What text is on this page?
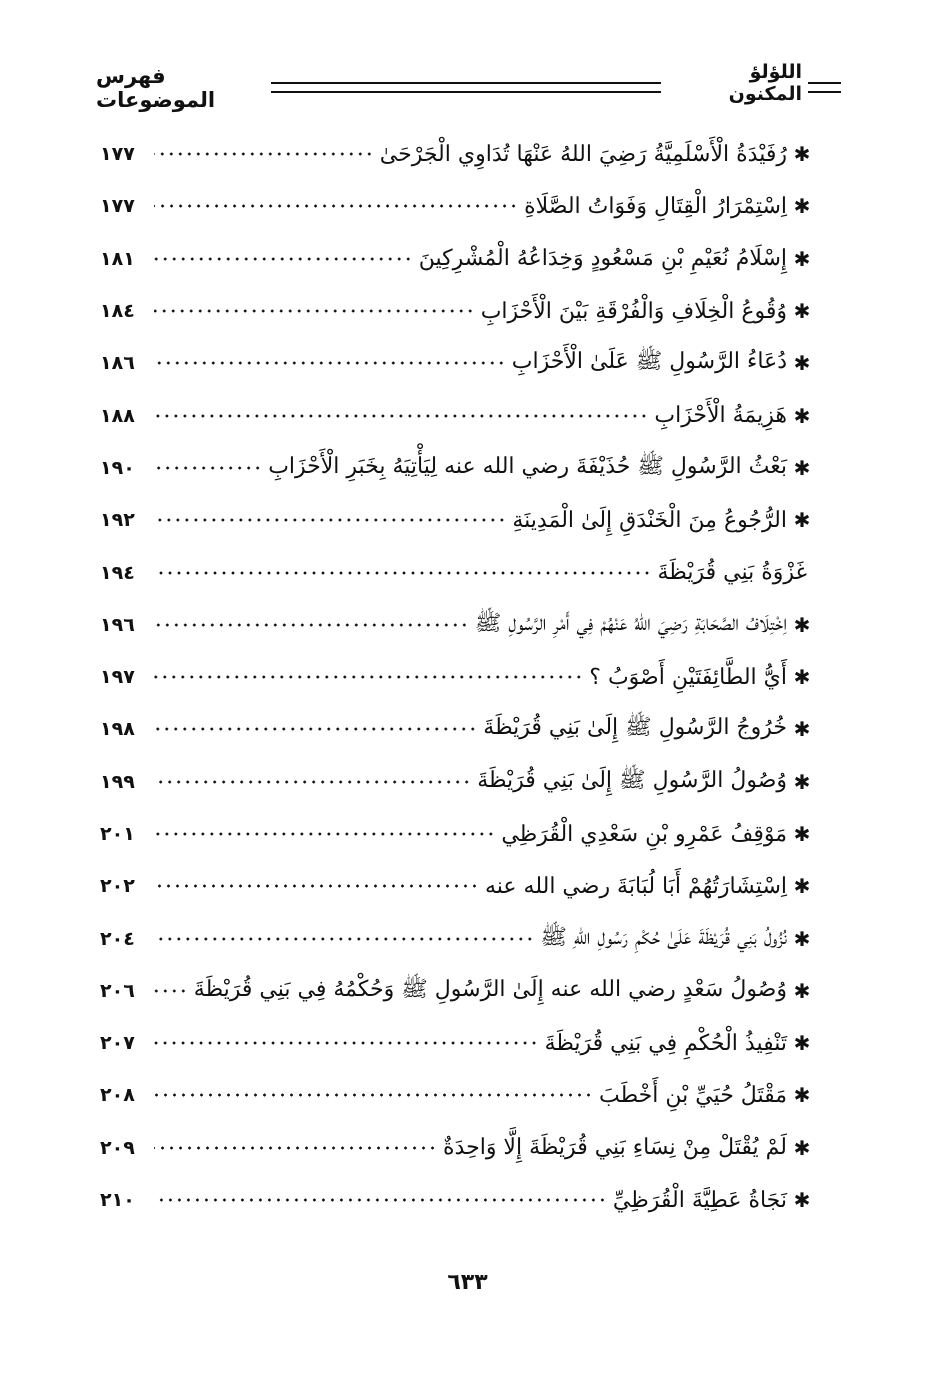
فهرس الموضوعات
اللؤلؤ المكنون
✱
رُفَيْدَةُ الْأَسْلَمِيَّةُ رَضِيَ اللهُ عَنْهَا تُدَاوِي الْجَرْحَىٰ
١٧٧
✱
اِسْتِمْرَارُ الْقِتَالِ وَفَوَاتُ الصَّلَاةِ
١٧٧
✱
إِسْلَامُ نُعَيْمِ بْنِ مَسْعُودٍ وَخِدَاعُهُ الْمُشْرِكِينَ
١٨١
✱
وُقُوعُ الْخِلَافِ وَالْفُرْقَةِ بَيْنَ الْأَحْزَابِ
١٨٤
✱
دُعَاءُ الرَّسُولِ ﷺ عَلَىٰ الْأَحْزَابِ
١٨٦
✱
هَزِيمَةُ الْأَحْزَابِ
١٨٨
✱
بَعْثُ الرَّسُولِ ﷺ حُذَيْفَةَ رضي الله عنه لِيَأْتِيَهُ بِخَبَرِ الْأَحْزَابِ
١٩٠
✱
الرُّجُوعُ مِنَ الْخَنْدَقِ إِلَىٰ الْمَدِينَةِ
١٩٢
غَزْوَةُ بَنِي قُرَيْظَةَ
١٩٤
✱
اِخْتِلَافُ الصَّحَابَةِ رَضِيَ اللهُ عَنْهُمْ فِي أَمْرِ الرَّسُولِ ﷺ
١٩٦
✱
أَيُّ الطَّائِفَتَيْنِ أَصْوَبُ ؟
١٩٧
✱
خُرُوجُ الرَّسُولِ ﷺ إِلَىٰ بَنِي قُرَيْظَةَ
١٩٨
✱
وُصُولُ الرَّسُولِ ﷺ إِلَىٰ بَنِي قُرَيْظَةَ
١٩٩
✱
مَوْقِفُ عَمْرِو بْنِ سَعْدِي الْقُرَظِي
٢٠١
✱
اِسْتِشَارَتُهُمْ أَبَا لُبَابَةَ رضي الله عنه
٢٠٢
✱
نُزُولُ بَنِي قُرَيْظَةَ عَلَىٰ حُكْمِ رَسُولِ اللهِ ﷺ
٢٠٤
✱
وُصُولُ سَعْدٍ رضي الله عنه إِلَىٰ الرَّسُولِ ﷺ وَحُكْمُهُ فِي بَنِي قُرَيْظَةَ
٢٠٦
✱
تَنْفِيذُ الْحُكْمِ فِي بَنِي قُرَيْظَةَ
٢٠٧
✱
مَقْتَلُ حُيَيِّ بْنِ أَخْطَبَ
٢٠٨
✱
لَمْ يُقْتَلْ مِنْ نِسَاءِ بَنِي قُرَيْظَةَ إِلَّا وَاحِدَةٌ
٢٠٩
✱
نَجَاةُ عَطِيَّةَ الْقُرَظِيِّ
٢١٠
٦٣٣
